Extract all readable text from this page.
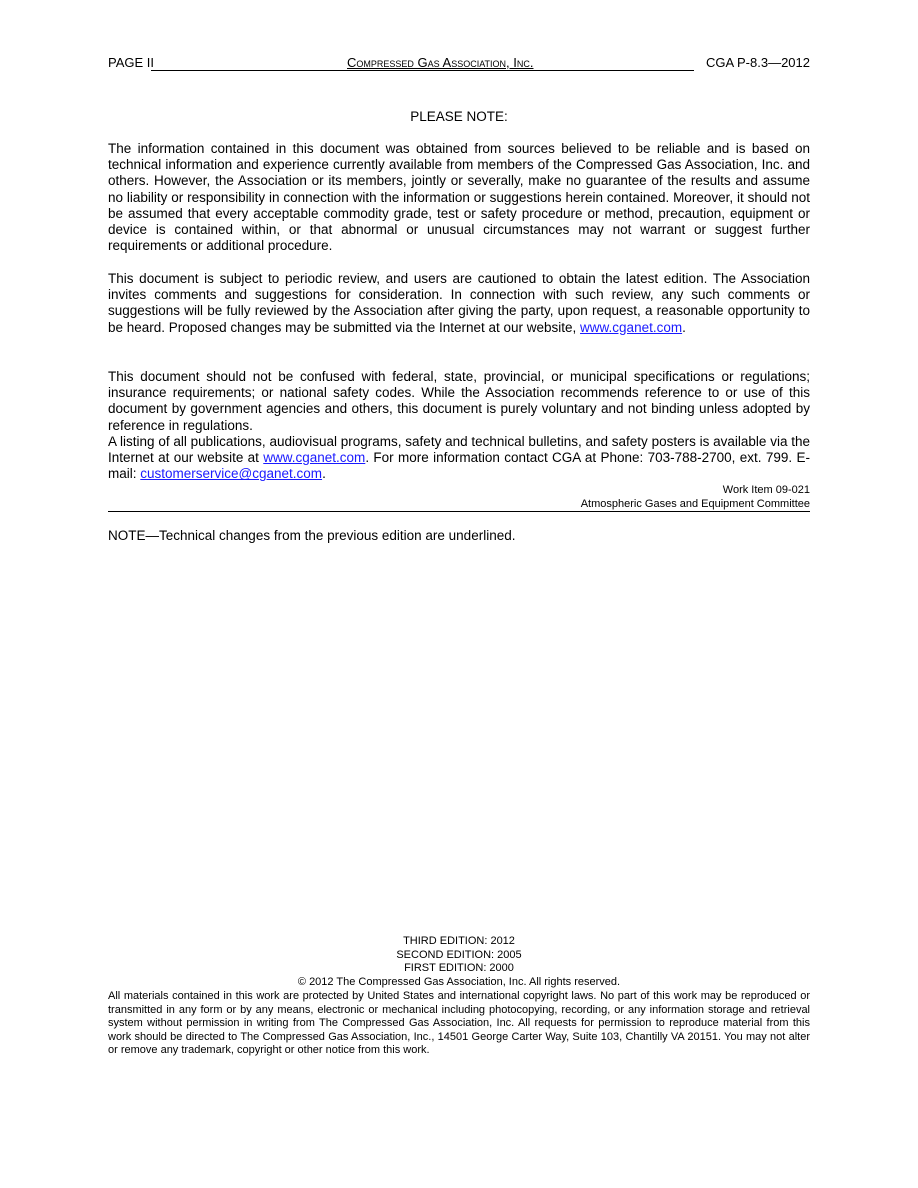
PAGE II	Compressed Gas Association, Inc.	CGA P-8.3—2012
PLEASE NOTE:

The information contained in this document was obtained from sources believed to be reliable and is based on technical information and experience currently available from members of the Compressed Gas Association, Inc. and others. However, the Association or its members, jointly or severally, make no guarantee of the results and assume no liability or responsibility in connection with the information or suggestions herein contained. Moreover, it should not be assumed that every acceptable commodity grade, test or safety procedure or method, precaution, equipment or device is contained within, or that abnormal or unusual circumstances may not warrant or suggest further requirements or additional procedure.

This document is subject to periodic review, and users are cautioned to obtain the latest edition. The Association invites comments and suggestions for consideration. In connection with such review, any such comments or suggestions will be fully reviewed by the Association after giving the party, upon request, a reasonable opportunity to be heard. Proposed changes may be submitted via the Internet at our website, www.cganet.com.

This document should not be confused with federal, state, provincial, or municipal specifications or regulations; insurance requirements; or national safety codes. While the Association recommends reference to or use of this document by government agencies and others, this document is purely voluntary and not binding unless adopted by reference in regulations.

A listing of all publications, audiovisual programs, safety and technical bulletins, and safety posters is available via the Internet at our website at www.cganet.com. For more information contact CGA at Phone: 703-788-2700, ext. 799. E-mail: customerservice@cganet.com.

Work Item 09-021
Atmospheric Gases and Equipment Committee
NOTE—Technical changes from the previous edition are underlined.
THIRD EDITION: 2012
SECOND EDITION: 2005
FIRST EDITION: 2000
© 2012 The Compressed Gas Association, Inc. All rights reserved.
All materials contained in this work are protected by United States and international copyright laws. No part of this work may be reproduced or transmitted in any form or by any means, electronic or mechanical including photocopying, recording, or any information storage and retrieval system without permission in writing from The Compressed Gas Association, Inc. All requests for permission to reproduce material from this work should be directed to The Compressed Gas Association, Inc., 14501 George Carter Way, Suite 103, Chantilly VA 20151. You may not alter or remove any trademark, copyright or other notice from this work.
